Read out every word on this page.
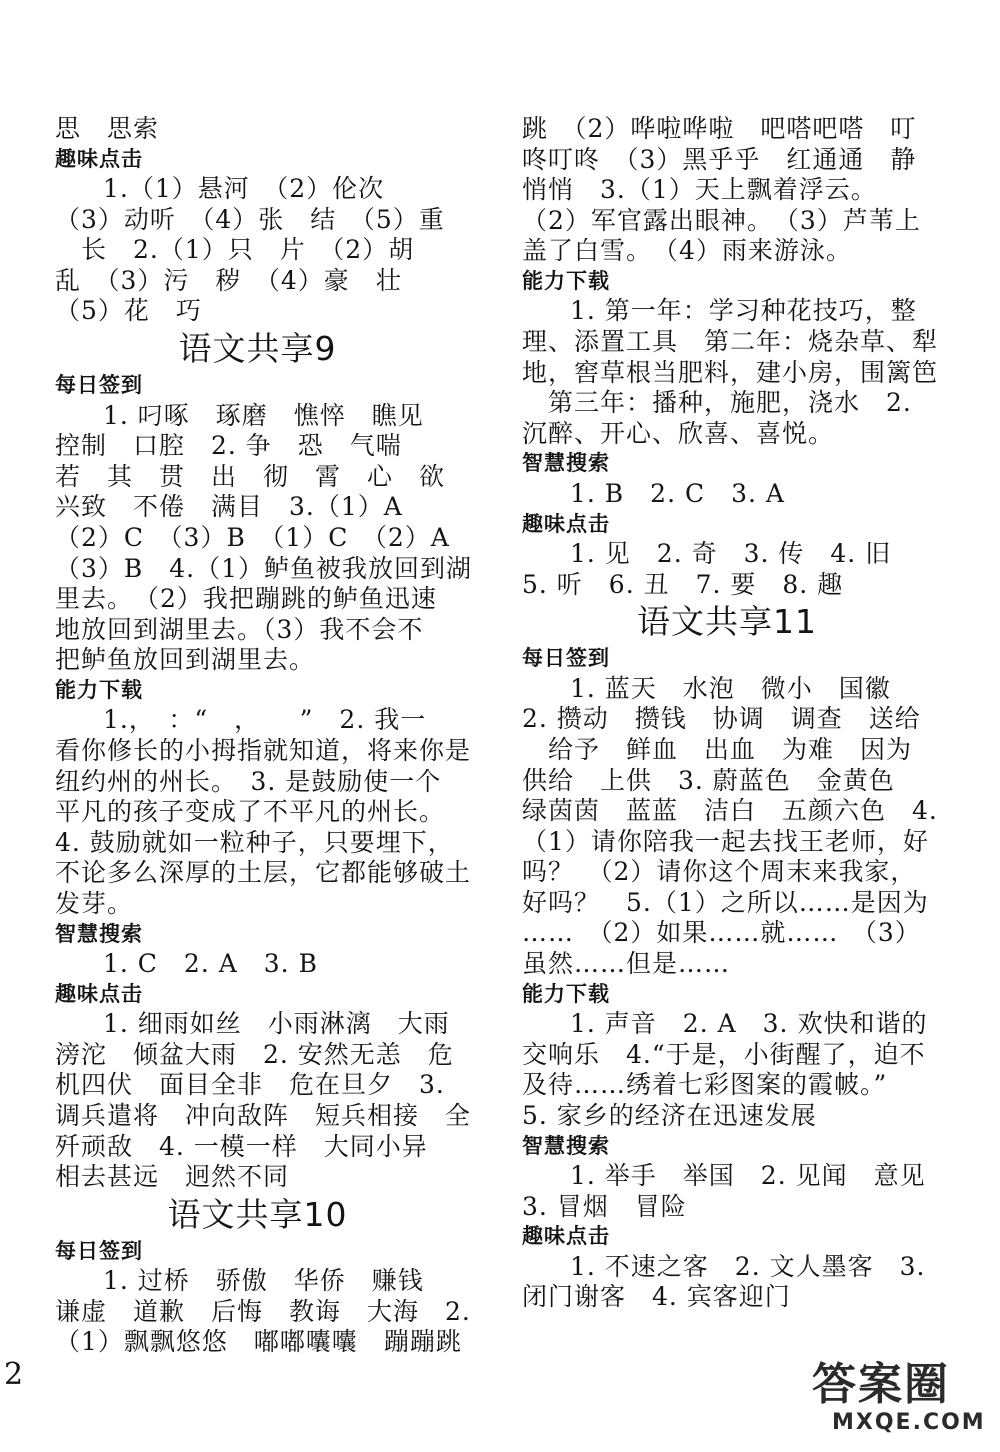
思　思索
趣味点击
1.（1）悬河　（2）伦次
（3）动听　（4）张　结　（5）重
　长　2.（1）只　片　（2）胡
乱　（3）污　秽　（4）豪　壮
（5）花　巧
语文共享9
每日签到
1. 叼啄　琢磨　憔悴　瞧见
控制　口腔　2. 争　恐　气喘
若　其　贯　出　彻　霄　心　欲
兴致　不倦　满目　3.（1）A
（2）C　（3）B　（1）C　（2）A
（3）B　4.（1）鲈鱼被我放回到湖
里去。　（2）我把蹦跳的鲈鱼迅速
地放回到湖里去。（3）我不会不
把鲈鱼放回到湖里去。
能力下载
1.，　：“　，　　”　2. 我一
看你修长的小拇指就知道，将来你是
纽约州的州长。　3. 是鼓励使一个
平凡的孩子变成了不平凡的州长。
4. 鼓励就如一粒种子，只要埋下，
不论多么深厚的土层，它都能够破土
发芽。
智慧搜索
1. C　2. A　3. B
趣味点击
1. 细雨如丝　小雨淋漓　大雨
滂沱　倾盆大雨　2. 安然无恙　危
机四伏　面目全非　危在旦夕　3.
调兵遣将　冲向敌阵　短兵相接　全
歼顽敌　4. 一模一样　大同小异
相去甚远　迥然不同
语文共享10
每日签到
1. 过桥　骄傲　华侨　赚钱
谦虚　道歉　后悔　教诲　大海　2.
（1）飘飘悠悠　嘟嘟囔囔　蹦蹦跳
跳　（2）哗啦哗啦　吧嗒吧嗒　叮
咚叮咚　（3）黑乎乎　红通通　静
悄悄　3.（1）天上飘着浮云。
（2）军官露出眼神。　（3）芦苇上
盖了白雪。　（4）雨来游泳。
能力下载
1. 第一年：学习种花技巧，整
理、添置工具　第二年：烧杂草、犁
地，窖草根当肥料，建小房，围篱笆
　第三年：播种，施肥，浇水　2.
沉醉、开心、欣喜、喜悦。
智慧搜索
1. B　2. C　3. A
趣味点击
1. 见　2. 奇　3. 传　4. 旧
5. 听　6. 丑　7. 要　8. 趣
语文共享11
每日签到
1. 蓝天　水泡　微小　国徽
2. 攒动　攒钱　协调　调查　送给
　给予　鲜血　出血　为难　因为
供给　上供　3. 蔚蓝色　金黄色
绿茵茵　蓝蓝　洁白　五颜六色　4.
（1）请你陪我一起去找王老师，好
吗？　（2）请你这个周末来我家，
好吗？　5.（1）之所以……是因为
……　（2）如果……就……　（3）
虽然……但是……
能力下载
1. 声音　2. A　3. 欢快和谐的
交响乐　4.“于是，小街醒了，迫不
及待……绣着七彩图案的霞帔。”
5. 家乡的经济在迅速发展
智慧搜索
1. 举手　举国　2. 见闻　意见
3. 冒烟　冒险
趣味点击
1. 不速之客　2. 文人墨客　3.
闭门谢客　4. 宾客迎门
2	答案圈
MXQE.COM
